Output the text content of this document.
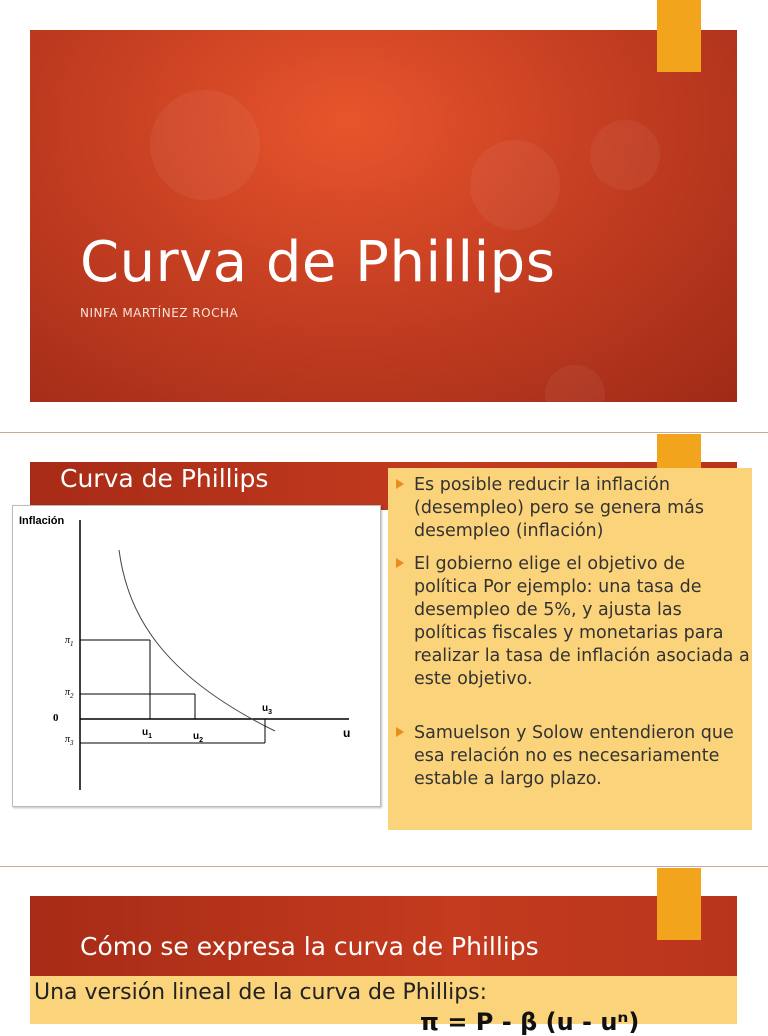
Curva de Phillips
NINFA MARTÍNEZ ROCHA
Curva de Phillips
Inflación
u
0
$\pi_1$
$\pi_2$
$\pi_3$
$u_1$	$u_2$
$u_3$
Es posible reducir la inflación (desempleo) pero se genera más desempleo (inflación)
El gobierno elige el objetivo de política Por ejemplo: una tasa de desempleo de 5%, y ajusta las políticas fiscales y monetarias para realizar la tasa de inflación asociada a este objetivo.
Samuelson y Solow entendieron que esa relación no es necesariamente estable a largo plazo.
Cómo se expresa la curva de Phillips
Una versión lineal de la curva de Phillips:
π = P - β (u - uⁿ)
